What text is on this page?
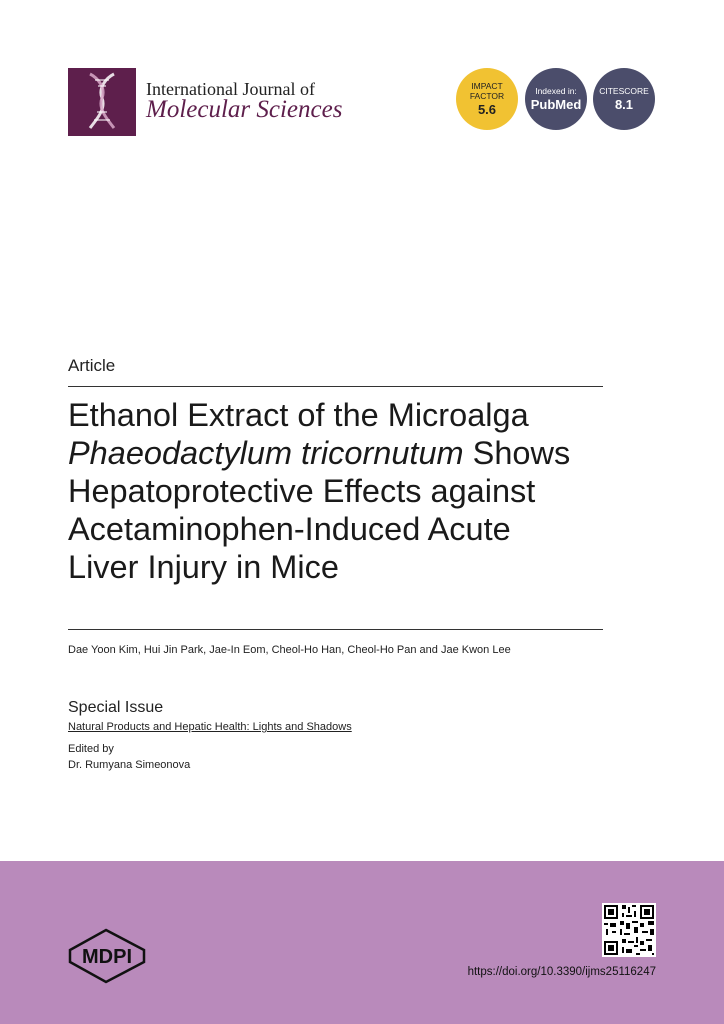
International Journal of
Molecular Sciences
IMPACT
FACTOR
5.6
Indexed in:
PubMed
CITESCORE
8.1
Article
Ethanol Extract of the Microalga
Phaeodactylum tricornutum Shows
Hepatoprotective Effects against
Acetaminophen-Induced Acute
Liver Injury in Mice
Dae Yoon Kim, Hui Jin Park, Jae-In Eom, Cheol-Ho Han, Cheol-Ho Pan and Jae Kwon Lee
Special Issue
Natural Products and Hepatic Health: Lights and Shadows
Edited by
Dr. Rumyana Simeonova
MDPI
https://doi.org/10.3390/ijms25116247
